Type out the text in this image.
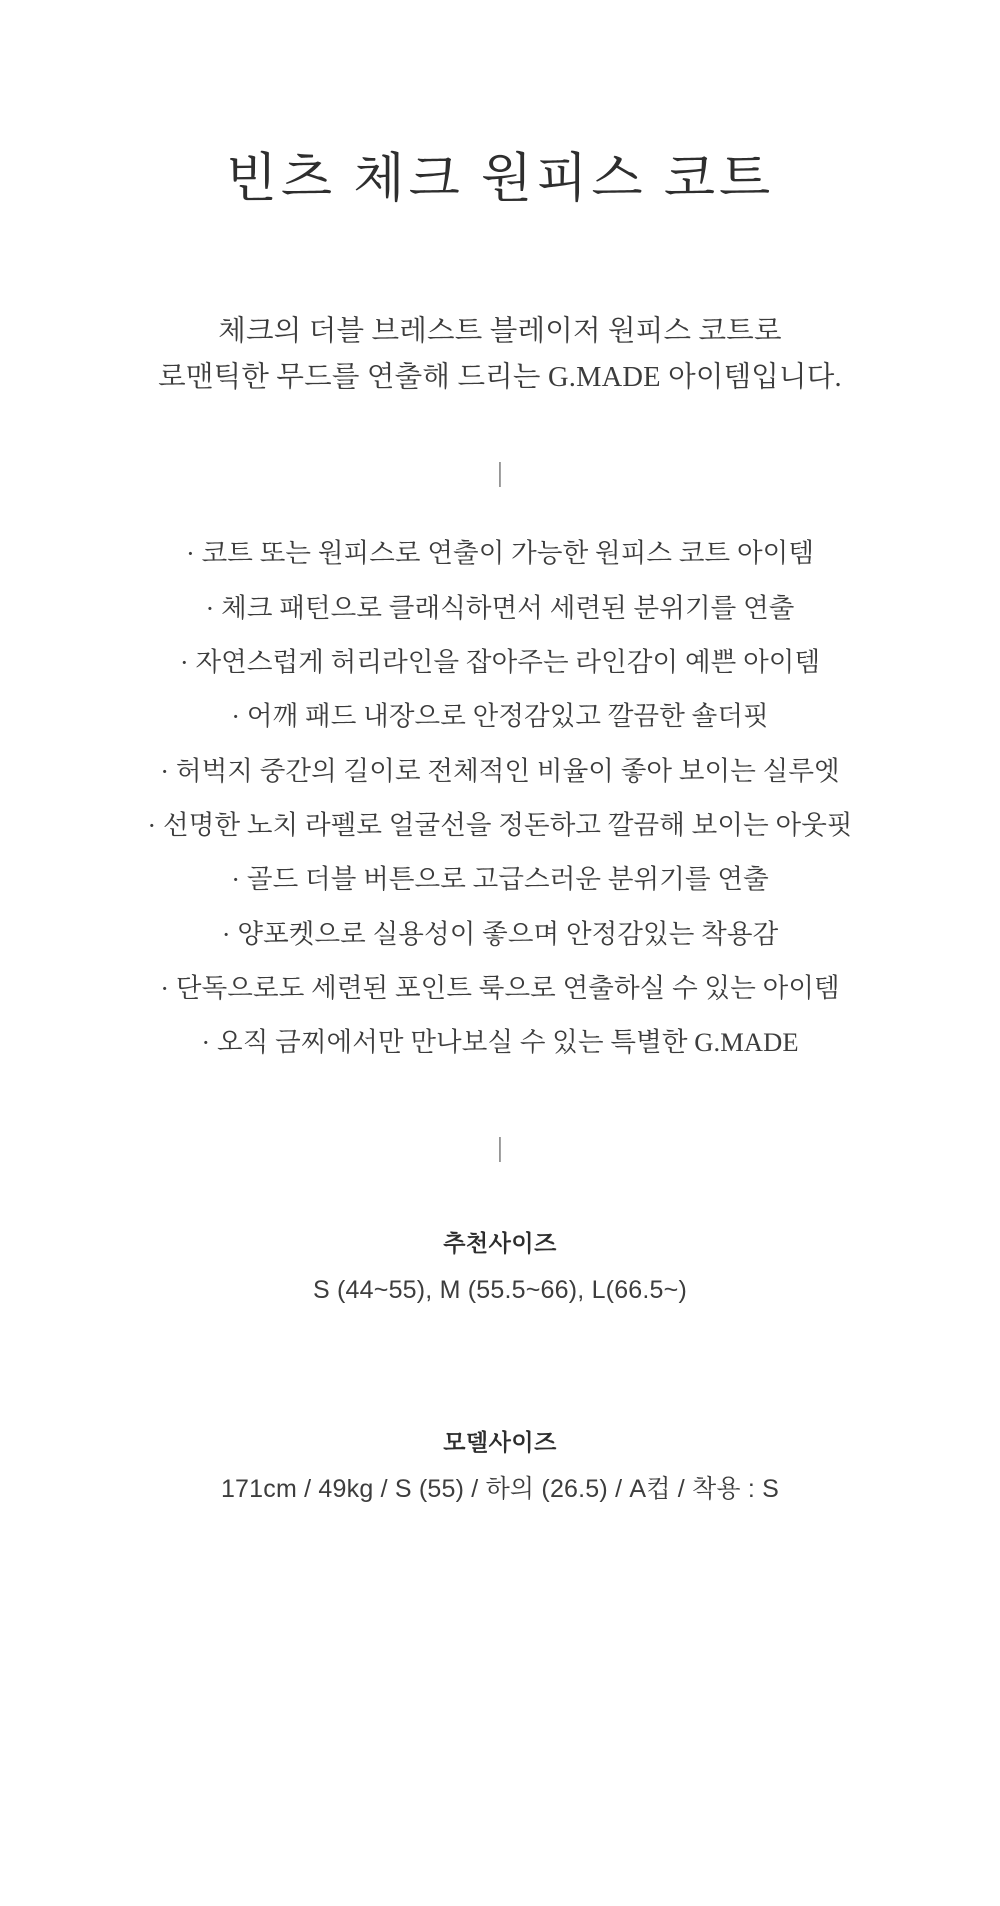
빈츠 체크 원피스 코트
체크의 더블 브레스트 블레이저 원피스 코트로
로맨틱한 무드를 연출해 드리는 G.MADE 아이템입니다.
|
· 코트 또는 원피스로 연출이 가능한 원피스 코트 아이템
· 체크 패턴으로 클래식하면서 세련된 분위기를 연출
· 자연스럽게 허리라인을 잡아주는 라인감이 예쁜 아이템
· 어깨 패드 내장으로 안정감있고 깔끔한 숄더핏
· 허벅지 중간의 길이로 전체적인 비율이 좋아 보이는 실루엣
· 선명한 노치 라펠로 얼굴선을 정돈하고 깔끔해 보이는 아웃핏
· 골드 더블 버튼으로 고급스러운 분위기를 연출
· 양포켓으로 실용성이 좋으며 안정감있는 착용감
· 단독으로도 세련된 포인트 룩으로 연출하실 수 있는 아이템
· 오직 금찌에서만 만나보실 수 있는 특별한 G.MADE
|
추천사이즈
S (44~55), M (55.5~66), L(66.5~)
모델사이즈
171cm / 49kg / S (55) / 하의 (26.5) / A컵 / 착용 : S
